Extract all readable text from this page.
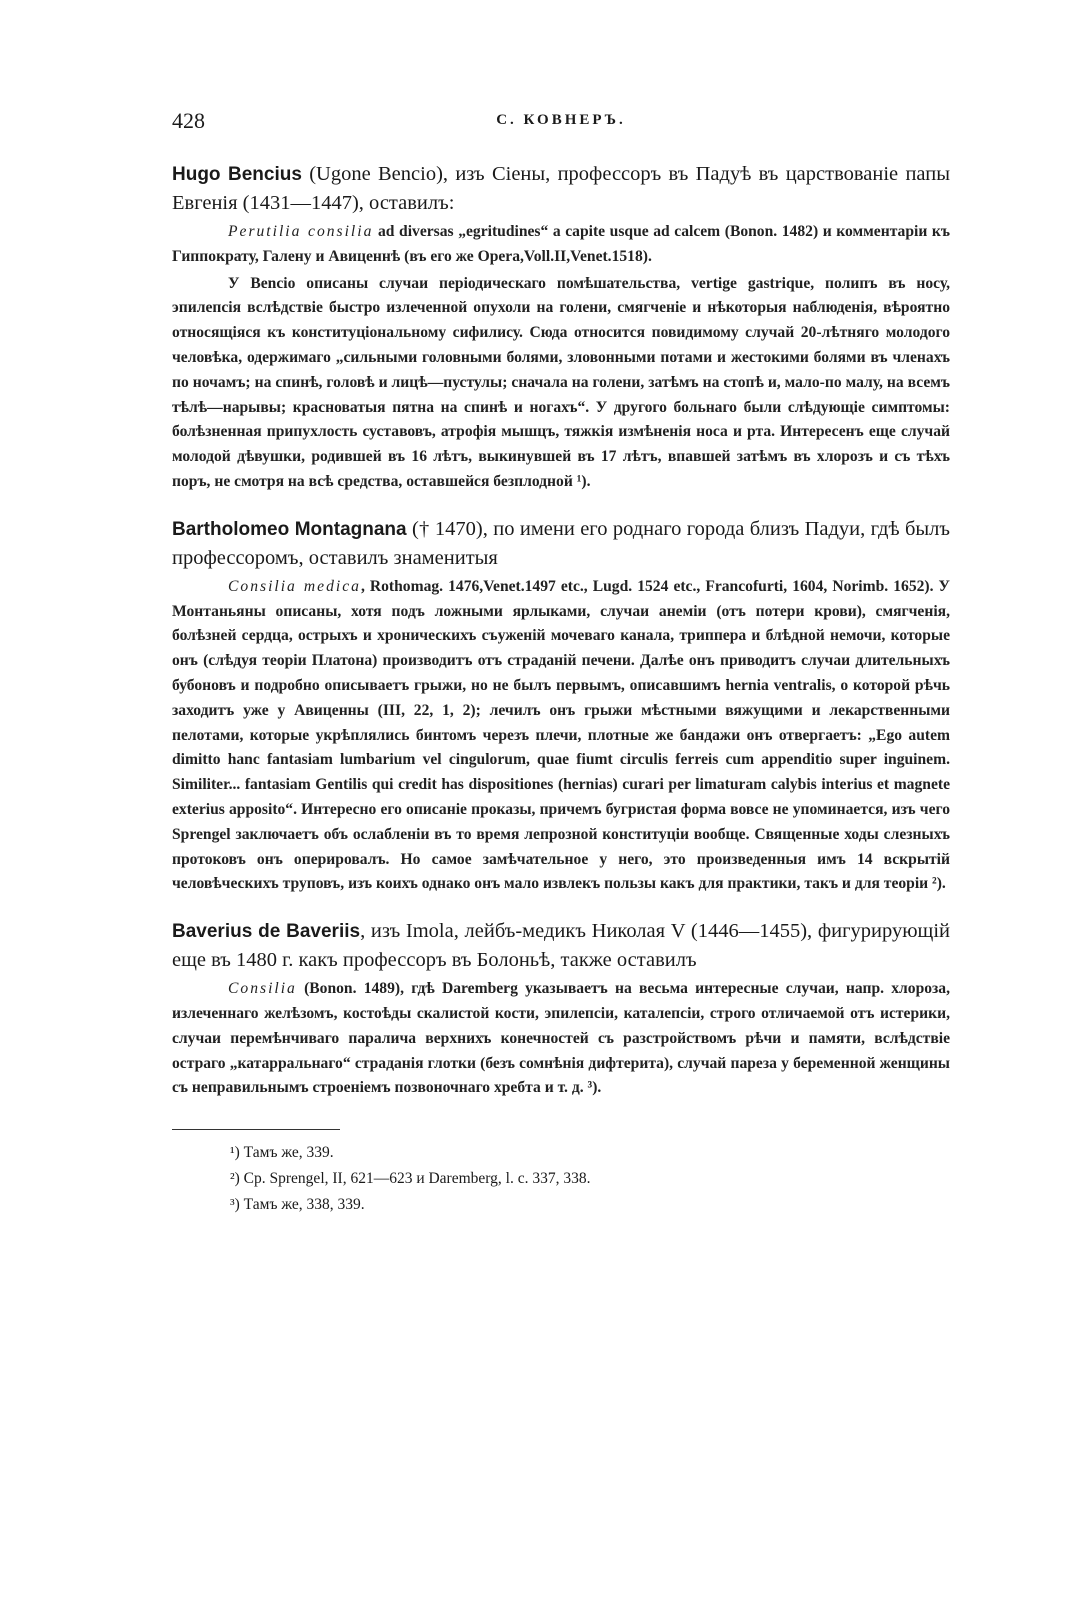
428	С. КОВНЕРЪ.

Hugo Bencius (Ugone Bencio), изъ Сіены, профессоръ въ Падуѣ въ царствованіе папы Евгенія (1431—1447), оставилъ:

Perutilia consilia ad diversas „egritudines“ a capite usque ad calcem (Bonon. 1482) и комментаріи къ Гиппократу, Галену и Авиценнѣ (въ его же Opera,Voll.II,Venet.1518).

У Bencio описаны случаи періодическаго помѣшательства, vertige gastrique, полипъ въ носу, эпилепсія вслѣдствіе быстро излеченной опухоли на голени, смягченіе и нѣкоторыя наблюденія, вѣроятно относящіяся къ конституціональному сифилису. Сюда относится повидимому случай 20-лѣтняго молодого человѣка, одержимаго „сильными головными болями, зловонными потами и жестокими болями въ членахъ по ночамъ; на спинѣ, головѣ и лицѣ—пустулы; сначала на голени, затѣмъ на стопѣ и, мало-по малу, на всемъ тѣлѣ—нарывы; красноватыя пятна на спинѣ и ногахъ“. У другого больнаго были слѣдующіе симптомы: болѣзненная припухлость суставовъ, атрофія мышцъ, тяжкія измѣненія носа и рта. Интересенъ еще случай молодой дѣвушки, родившей въ 16 лѣтъ, выкинувшей въ 17 лѣтъ, впавшей затѣмъ въ хлорозъ и съ тѣхъ поръ, не смотря на всѣ средства, оставшейся безплодной ¹).

Bartholomeo Montagnana († 1470), по имени его роднаго города близъ Падуи, гдѣ былъ профессоромъ, оставилъ знаменитыя

Consilia medica, Rothomag. 1476,Venet.1497 etc., Lugd. 1524 etc., Francofurti, 1604, Norimb. 1652). У Монтаньяны описаны, хотя подъ ложными ярлыками, случаи анеміи (отъ потери крови), смягченія, болѣзней сердца, острыхъ и хроническихъ съуженій мочеваго канала, триппера и блѣдной немочи, которые онъ (слѣдуя теоріи Платона) производитъ отъ страданій печени. Далѣе онъ приводитъ случаи длительныхъ бубоновъ и подробно описываетъ грыжи, но не былъ первымъ, описавшимъ hernia ventralis, о которой рѣчь заходитъ уже у Авиценны (III, 22, 1, 2); лечилъ онъ грыжи мѣстными вяжущими и лекарственными пелотами, которые укрѣплялись бинтомъ черезъ плечи, плотные же бандажи онъ отвергаетъ: „Ego autem dimitto hanc fantasiam lumbarium vel cingulorum, quae fiumt circulis ferreis cum appenditio super inguinem. Similiter... fantasiam Gentilis qui credit has dispositiones (hernias) curari per limaturam calybis interius et magnete exterius apposito“. Интересно его описаніе проказы, причемъ бугристая форма вовсе не упоминается, изъ чего Sprengel заключаетъ объ ослабленіи въ то время лепрозной конституціи вообще. Священные ходы слезныхъ протоковъ онъ оперировалъ. Но самое замѣчательное у него, это произведенныя имъ 14 вскрытій человѣческихъ труповъ, изъ коихъ однако онъ мало извлекъ пользы какъ для практики, такъ и для теоріи ²).

Baverius de Baveriis, изъ Imola, лейбъ-медикъ Николая V (1446—1455), фигурирующій еще въ 1480 г. какъ профессоръ въ Болоньѣ, также оставилъ

Consilia (Bonon. 1489), гдѣ Daremberg указываетъ на весьма интересные случаи, напр. хлороза, излеченнаго желѣзомъ, костоѣды скалистой кости, эпилепсіи, каталепсіи, строго отличаемой отъ истерики, случаи перемѣнчиваго паралича верхнихъ конечностей съ разстройствомъ рѣчи и памяти, вслѣдствіе остраго „катарральнаго“ страданія глотки (безъ сомнѣнія дифтерита), случай пареза у беременной женщины съ неправильнымъ строеніемъ позвоночнаго хребта и т. д. ³).

¹) Тамъ же, 339.

²) Cp. Sprengel, II, 621—623 и Daremberg, l. c. 337, 338.

³) Тамъ же, 338, 339.
